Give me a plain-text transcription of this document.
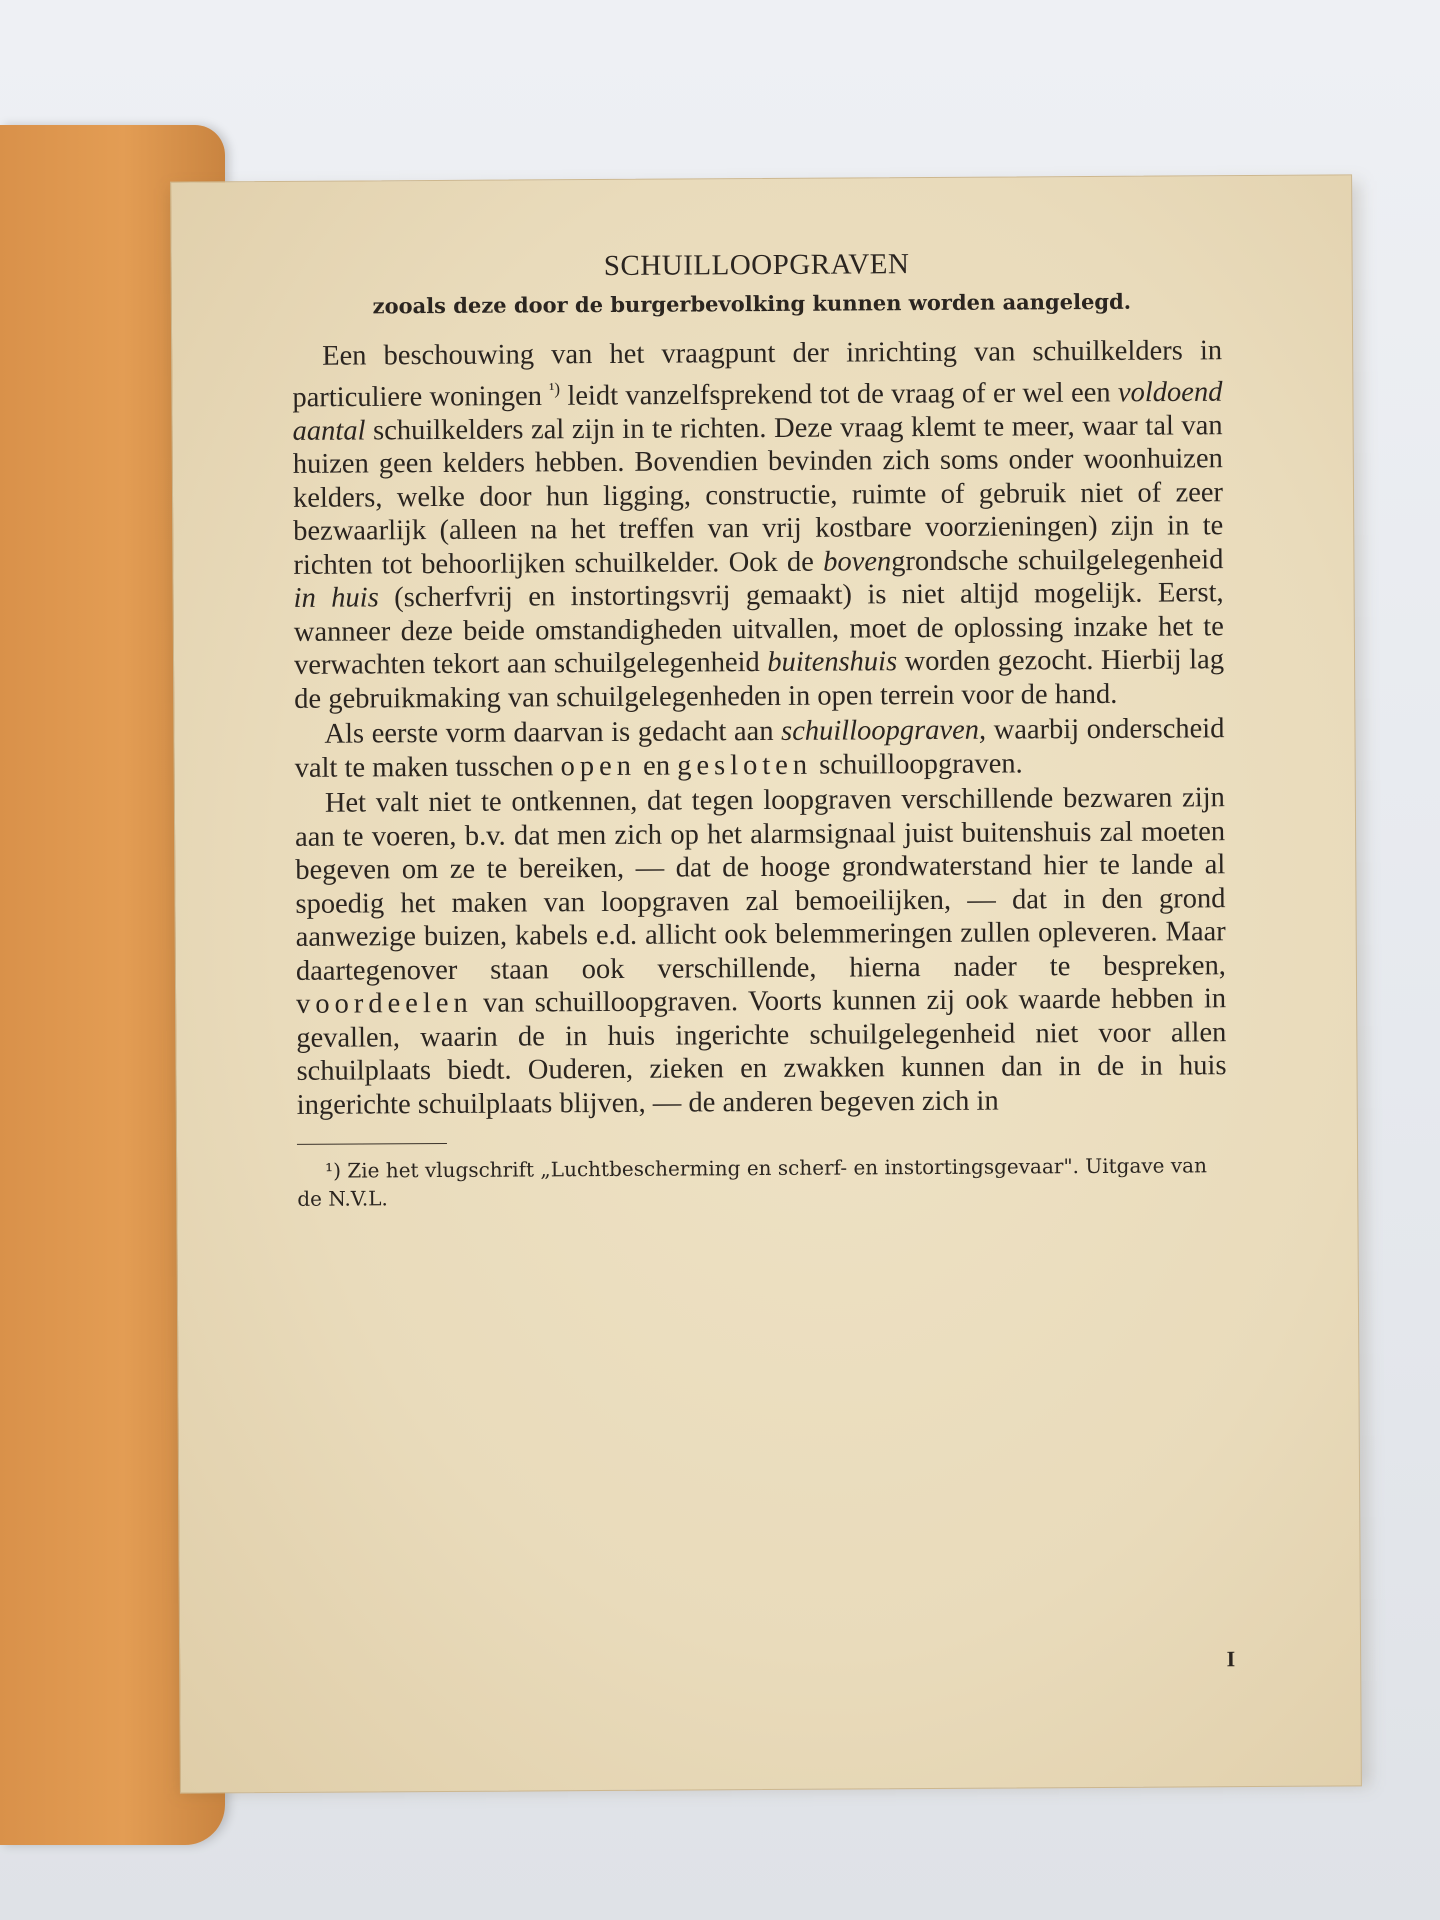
SCHUILLOOPGRAVEN

zooals deze door de burgerbevolking kunnen worden aangelegd.

Een beschouwing van het vraagpunt der inrichting van schuilkelders in particuliere woningen $^{^1)}$ leidt vanzelfsprekend tot de vraag of er wel een voldoend aantal schuilkelders zal zijn in te richten. Deze vraag klemt te meer, waar tal van huizen geen kelders hebben. Bovendien bevinden zich soms onder woonhuizen kelders, welke door hun ligging, constructie, ruimte of gebruik niet of zeer bezwaarlijk (alleen na het treffen van vrij kostbare voorzieningen) zijn in te richten tot behoorlijken schuilkelder. Ook de bovengrondsche schuilgelegenheid in huis (scherfvrij en instortingsvrij gemaakt) is niet altijd mogelijk. Eerst, wanneer deze beide omstandigheden uitvallen, moet de oplossing inzake het te verwachten tekort aan schuilgelegenheid buitenshuis worden gezocht. Hierbij lag de gebruikmaking van schuilgelegenheden in open terrein voor de hand.

Als eerste vorm daarvan is gedacht aan schuilloopgraven, waarbij onderscheid valt te maken tusschen open en gesloten schuilloopgraven.

Het valt niet te ontkennen, dat tegen loopgraven verschillende bezwaren zijn aan te voeren, b.v. dat men zich op het alarmsignaal juist buitenshuis zal moeten begeven om ze te bereiken, — dat de hooge grondwaterstand hier te lande al spoedig het maken van loopgraven zal bemoeilijken, — dat in den grond aanwezige buizen, kabels e.d. allicht ook belemmeringen zullen opleveren. Maar daartegenover staan ook verschillende, hierna nader te bespreken, voordeelen van schuilloopgraven. Voorts kunnen zij ook waarde hebben in gevallen, waarin de in huis ingerichte schuilgelegenheid niet voor allen schuilplaats biedt. Ouderen, zieken en zwakken kunnen dan in de in huis ingerichte schuilplaats blijven, — de anderen begeven zich in

¹) Zie het vlugschrift „Luchtbescherming en scherf- en instortingsgevaar". Uitgave van de N.V.L.

I
